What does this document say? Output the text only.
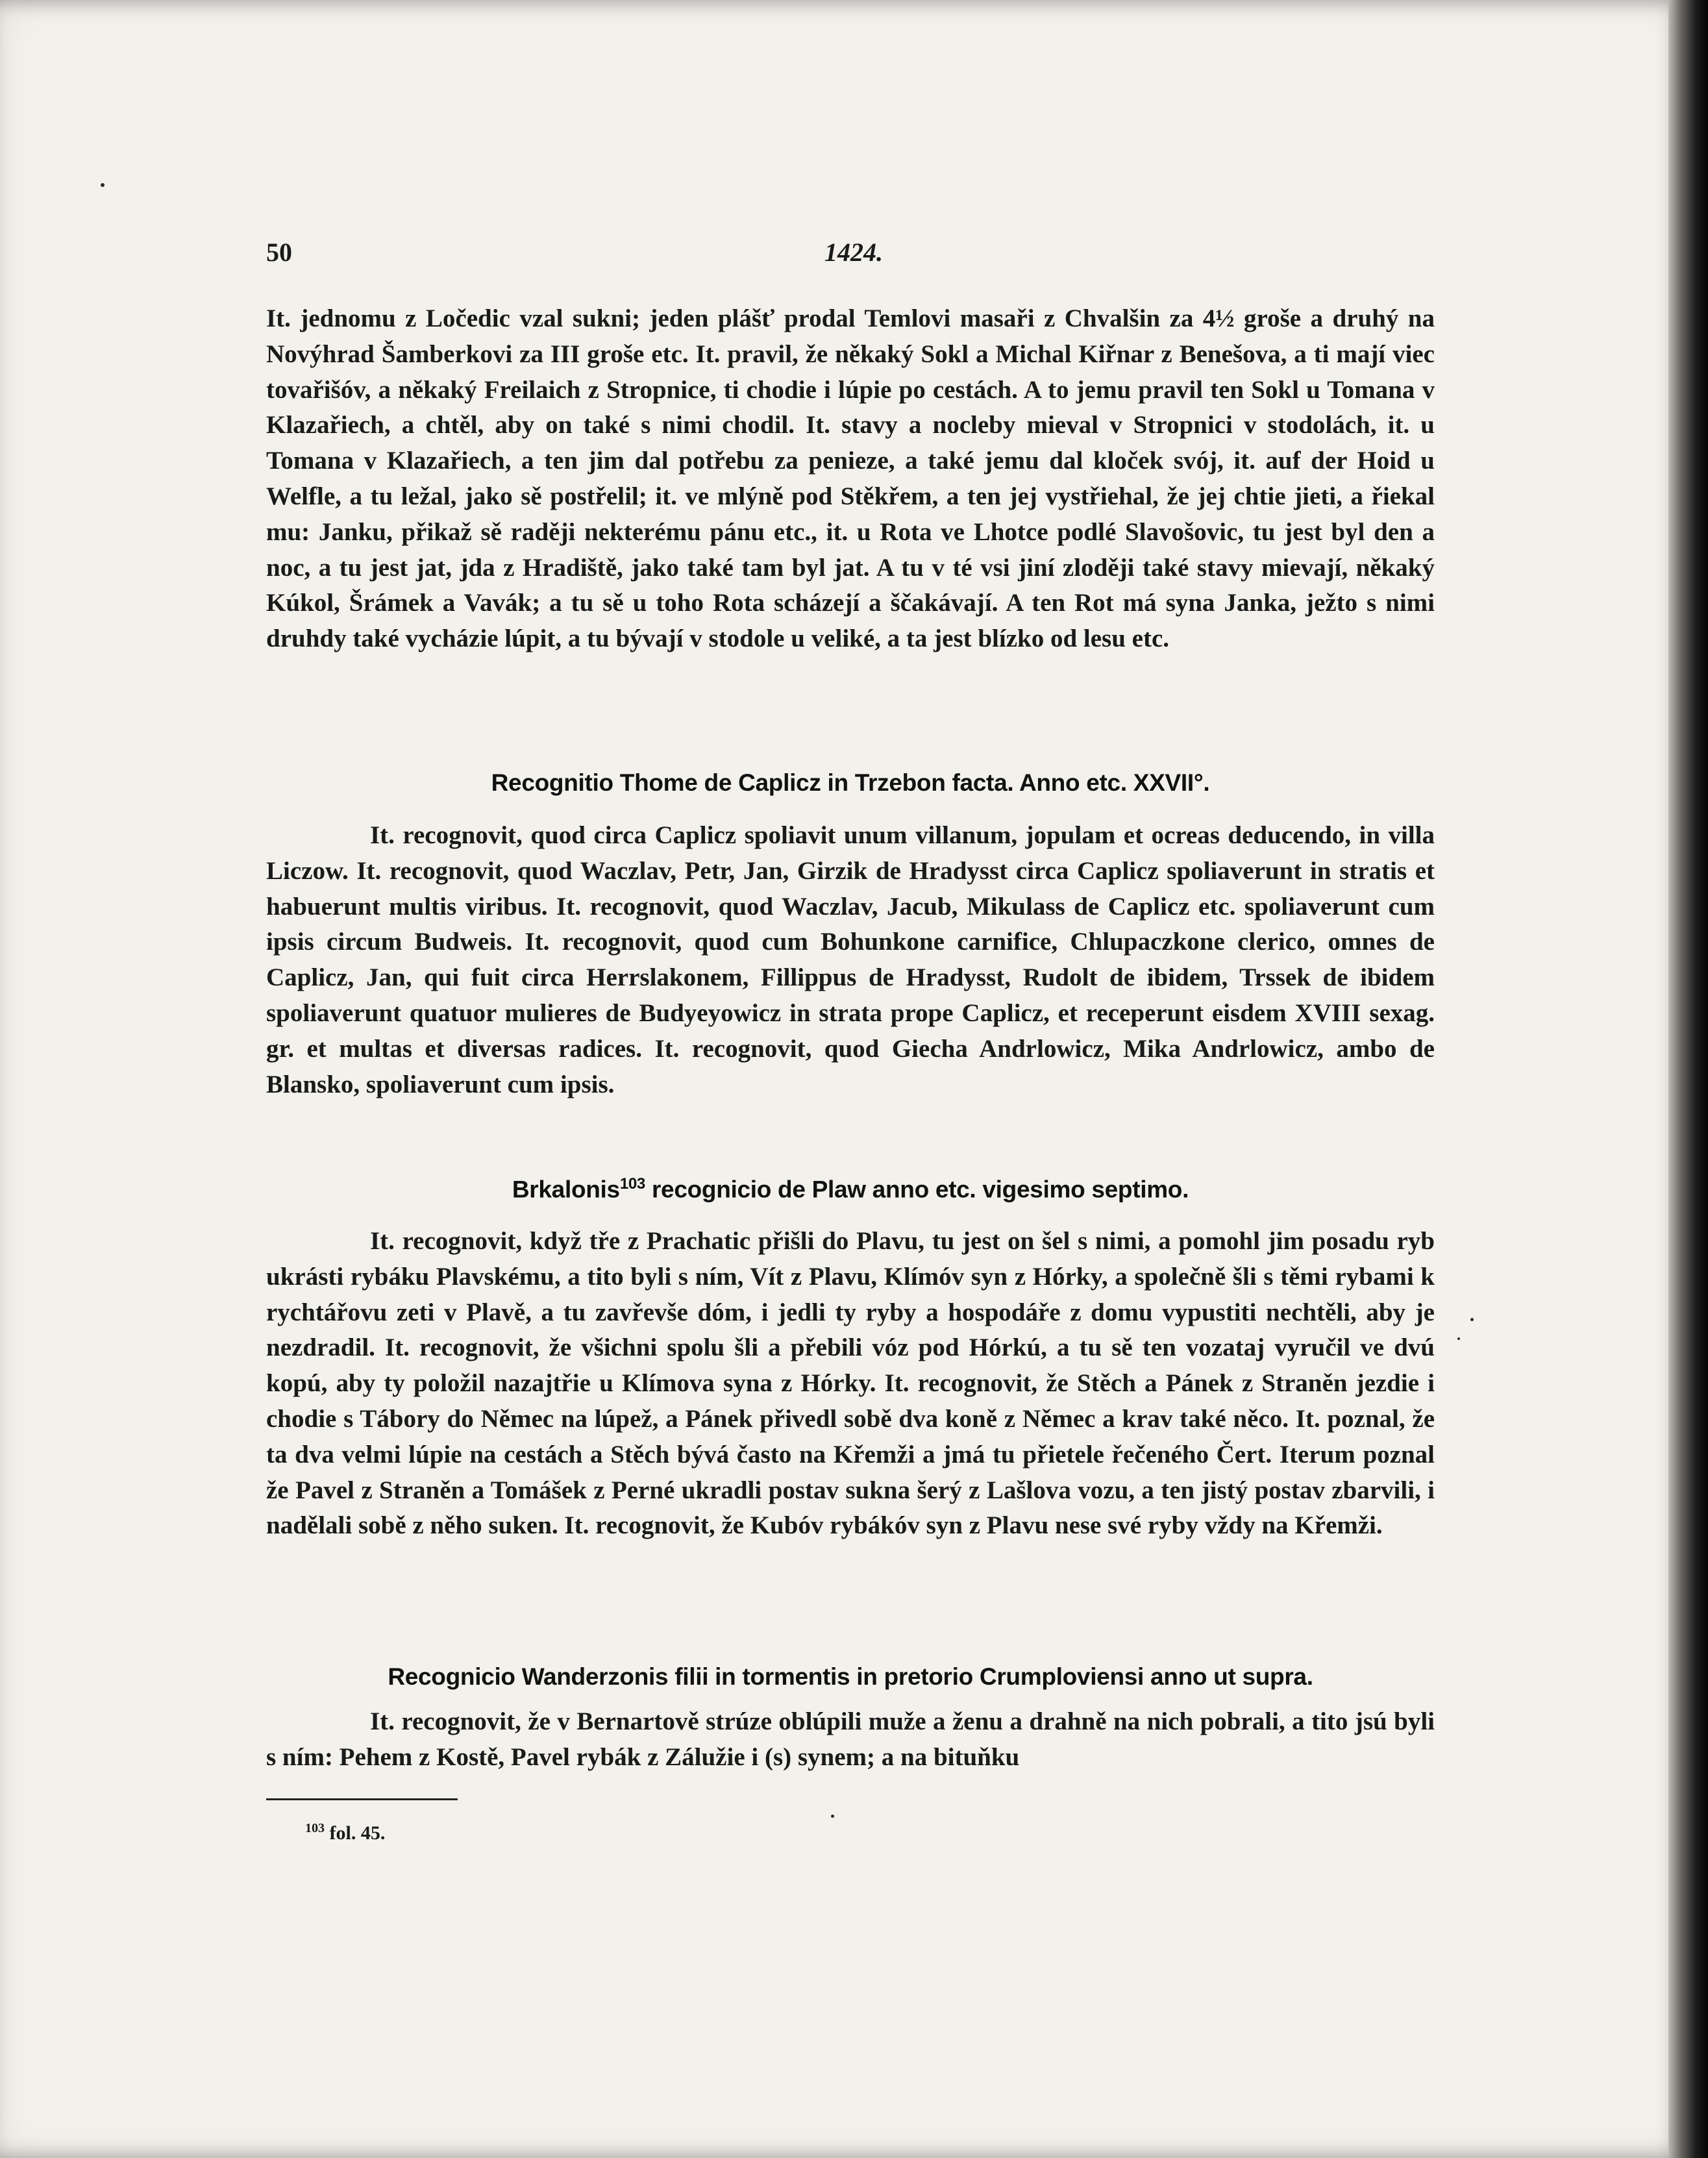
50	1424.

It. jednomu z Ločedic vzal sukni; jeden plášť prodal Temlovi masaři z Chvalšin za 4½ groše a druhý na Novýhrad Šamberkovi za III groše etc. It. pravil, že někaký Sokl a Michal Kiřnar z Benešova, a ti mají viec tovařišóv, a někaký Freilaich z Stropnice, ti chodie i lúpie po cestách. A to jemu pravil ten Sokl u Tomana v Klazařiech, a chtěl, aby on také s nimi chodil. It. stavy a nocleby mieval v Stropnici v stodolách, it. u Tomana v Klazařiech, a ten jim dal potřebu za penieze, a také jemu dal kloček svój, it. auf der Hoid u Welfle, a tu ležal, jako sě postřelil; it. ve mlýně pod Stěkřem, a ten jej vystřiehal, že jej chtie jieti, a řiekal mu: Janku, přikaž sě raději nekterému pánu etc., it. u Rota ve Lhotce podlé Slavošovic, tu jest byl den a noc, a tu jest jat, jda z Hradiště, jako také tam byl jat. A tu v té vsi jiní zloději také stavy mievají, někaký Kúkol, Šrámek a Vavák; a tu sě u toho Rota scházejí a ščakávají. A ten Rot má syna Janka, ježto s nimi druhdy také vycházie lúpit, a tu bývají v stodole u veliké, a ta jest blízko od lesu etc.

Recognitio Thome de Caplicz in Trzebon facta. Anno etc. XXVII°.

It. recognovit, quod circa Caplicz spoliavit unum villanum, jopulam et ocreas deducendo, in villa Liczow. It. recognovit, quod Waczlav, Petr, Jan, Girzik de Hradysst circa Caplicz spoliaverunt in stratis et habuerunt multis viribus. It. recognovit, quod Waczlav, Jacub, Mikulass de Caplicz etc. spoliaverunt cum ipsis circum Budweis. It. recognovit, quod cum Bohunkone carnifice, Chlupaczkone clerico, omnes de Caplicz, Jan, qui fuit circa Herrslakonem, Fillippus de Hradysst, Rudolt de ibidem, Trssek de ibidem spoliaverunt quatuor mulieres de Budyeyowicz in strata prope Caplicz, et receperunt eisdem XVIII sexag. gr. et multas et diversas radices. It. recognovit, quod Giecha Andrlowicz, Mika Andrlowicz, ambo de Blansko, spoliaverunt cum ipsis.

Brkalonis$^{103}$ recognicio de Plaw anno etc. vigesimo septimo.

It. recognovit, když tře z Prachatic přišli do Plavu, tu jest on šel s nimi, a pomohl jim posadu ryb ukrásti rybáku Plavskému, a tito byli s ním, Vít z Plavu, Klímóv syn z Hórky, a společně šli s těmi rybami k rychtářovu zeti v Plavě, a tu zavřevše dóm, i jedli ty ryby a hospodáře z domu vypustiti nechtěli, aby je nezdradil. It. recognovit, že všichni spolu šli a přebili vóz pod Hórkú, a tu sě ten vozataj vyručil ve dvú kopú, aby ty položil nazajtřie u Klímova syna z Hórky. It. recognovit, že Stěch a Pánek z Straněn jezdie i chodie s Tábory do Němec na lúpež, a Pánek přivedl sobě dva koně z Němec a krav také něco. It. poznal, že ta dva velmi lúpie na cestách a Stěch bývá často na Křemži a jmá tu přietele řečeného Čert. Iterum poznal že Pavel z Straněn a Tomášek z Perné ukradli postav sukna šerý z Lašlova vozu, a ten jistý postav zbarvili, i nadělali sobě z něho suken. It. recognovit, že Kubóv rybákóv syn z Plavu nese své ryby vždy na Křemži.

Recognicio Wanderzonis filii in tormentis in pretorio Crumploviensi anno ut supra.

It. recognovit, že v Bernartově strúze oblúpili muže a ženu a drahně na nich pobrali, a tito jsú byli s ním: Pehem z Kostě, Pavel rybák z Zálužie i (s) synem; a na bituňku

$^{103}$ fol. 45.
